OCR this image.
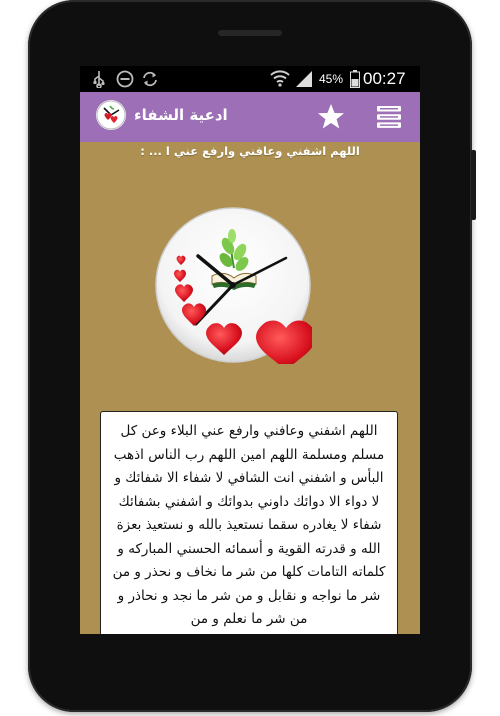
45% 00:27
ادعية الشفاء
اللهم اشفني وعافني وارفع عني ا ... :

اللهم اشفني وعافني وارفع عني البلاء وعن كل مسلم ومسلمة اللهم امين اللهم رب الناس اذهب البأس و اشفني انت الشافي لا شفاء الا شفائك و لا دواء الا دوائك داوني بدوائك و اشفني بشفائك شفاء لا يغادره سقما نستعيذ بالله و نستعيذ بعزة الله و قدرته القوية و أسمائه الحسني المباركه و كلماته التامات كلها من شر ما نخاف و نحذر و من شر ما نواجه و نقابل و من شر ما نجد و نحاذر و من شر ما نعلم و من
